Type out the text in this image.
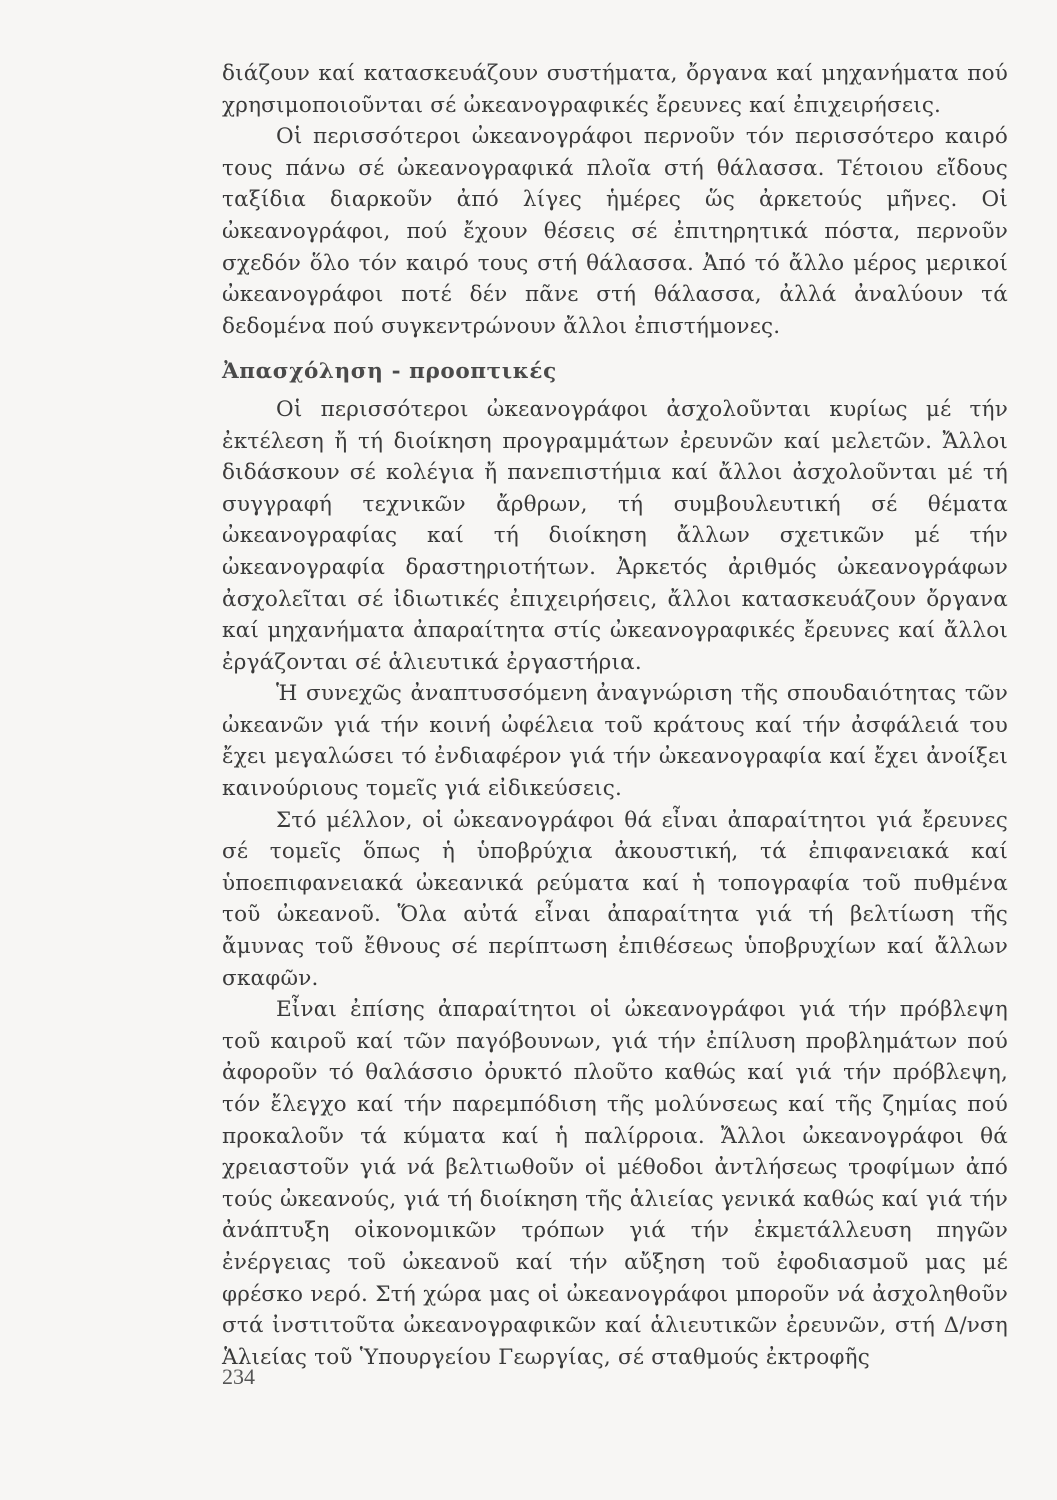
διάζουν καί κατασκευάζουν συστήματα, ὄργανα καί μηχανήματα πού χρησιμοποιοῦνται σέ ὠκεανογραφικές ἔρευνες καί ἐπιχειρήσεις.

Οἱ περισσότεροι ὠκεανογράφοι περνοῦν τόν περισσότερο καιρό τους πάνω σέ ὠκεανογραφικά πλοῖα στή θάλασσα. Τέτοιου εἴδους ταξίδια διαρκοῦν ἀπό λίγες ἡμέρες ὥς ἀρκετούς μῆνες. Οἱ ὠκεανογράφοι, πού ἔχουν θέσεις σέ ἐπιτηρητικά πόστα, περνοῦν σχεδόν ὅλο τόν καιρό τους στή θάλασσα. Ἀπό τό ἄλλο μέρος μερικοί ὠκεανογράφοι ποτέ δέν πᾶνε στή θάλασσα, ἀλλά ἀναλύουν τά δεδομένα πού συγκεντρώνουν ἄλλοι ἐπιστήμονες.

Ἀπασχόληση - προοπτικές

Οἱ περισσότεροι ὠκεανογράφοι ἀσχολοῦνται κυρίως μέ τήν ἐκτέλεση ἤ τή διοίκηση προγραμμάτων ἐρευνῶν καί μελετῶν. Ἄλλοι διδάσκουν σέ κολέγια ἤ πανεπιστήμια καί ἄλλοι ἀσχολοῦνται μέ τή συγγραφή τεχνικῶν ἄρθρων, τή συμβουλευτική σέ θέματα ὠκεανογραφίας καί τή διοίκηση ἄλλων σχετικῶν μέ τήν ὠκεανογραφία δραστηριοτήτων. Ἀρκετός ἀριθμός ὠκεανογράφων ἀσχολεῖται σέ ἰδιωτικές ἐπιχειρήσεις, ἄλλοι κατασκευάζουν ὄργανα καί μηχανήματα ἀπαραίτητα στίς ὠκεανογραφικές ἔρευνες καί ἄλλοι ἐργάζονται σέ ἁλιευτικά ἐργαστήρια.

Ἡ συνεχῶς ἀναπτυσσόμενη ἀναγνώριση τῆς σπουδαιότητας τῶν ὠκεανῶν γιά τήν κοινή ὠφέλεια τοῦ κράτους καί τήν ἀσφάλειά του ἔχει μεγαλώσει τό ἐνδιαφέρον γιά τήν ὠκεανογραφία καί ἔχει ἀνοίξει καινούριους τομεῖς γιά εἰδικεύσεις.

Στό μέλλον, οἱ ὠκεανογράφοι θά εἶναι ἀπαραίτητοι γιά ἔρευνες σέ τομεῖς ὅπως ἡ ὑποβρύχια ἀκουστική, τά ἐπιφανειακά καί ὑποεπιφανειακά ὠκεανικά ρεύματα καί ἡ τοπογραφία τοῦ πυθμένα τοῦ ὠκεανοῦ. Ὅλα αὐτά εἶναι ἀπαραίτητα γιά τή βελτίωση τῆς ἄμυνας τοῦ ἔθνους σέ περίπτωση ἐπιθέσεως ὑποβρυχίων καί ἄλλων σκαφῶν.

Εἶναι ἐπίσης ἀπαραίτητοι οἱ ὠκεανογράφοι γιά τήν πρόβλεψη τοῦ καιροῦ καί τῶν παγόβουνων, γιά τήν ἐπίλυση προβλημάτων πού ἀφοροῦν τό θαλάσσιο ὀρυκτό πλοῦτο καθώς καί γιά τήν πρόβλεψη, τόν ἔλεγχο καί τήν παρεμπόδιση τῆς μολύνσεως καί τῆς ζημίας πού προκαλοῦν τά κύματα καί ἡ παλίρροια. Ἄλλοι ὠκεανογράφοι θά χρειαστοῦν γιά νά βελτιωθοῦν οἱ μέθοδοι ἀντλήσεως τροφίμων ἀπό τούς ὠκεανούς, γιά τή διοίκηση τῆς ἁλιείας γενικά καθώς καί γιά τήν ἀνάπτυξη οἰκονομικῶν τρόπων γιά τήν ἐκμετάλλευση πηγῶν ἐνέργειας τοῦ ὠκεανοῦ καί τήν αὔξηση τοῦ ἐφοδιασμοῦ μας μέ φρέσκο νερό. Στή χώρα μας οἱ ὠκεανογράφοι μποροῦν νά ἀσχοληθοῦν στά ἰνστιτοῦτα ὠκεανογραφικῶν καί ἁλιευτικῶν ἐρευνῶν, στή Δ/νση Ἁλιείας τοῦ Ὑπουργείου Γεωργίας, σέ σταθμούς ἐκτροφῆς

234
